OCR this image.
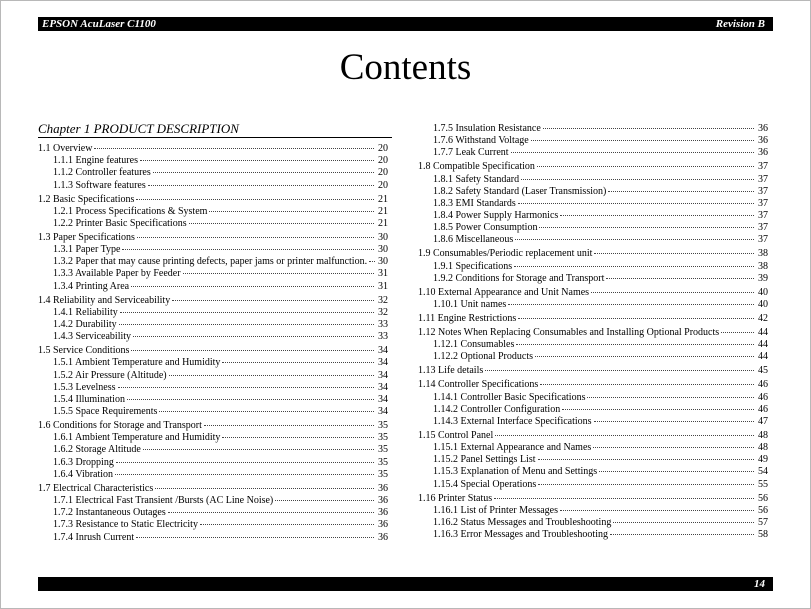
EPSON AcuLaser C1100	Revision B
Contents
Chapter 1 PRODUCT DESCRIPTION
1.1 Overview	20
1.1.1 Engine features	20
1.1.2 Controller features	20
1.1.3 Software features	20
1.2 Basic Specifications	21
1.2.1 Process Specifications & System	21
1.2.2 Printer Basic Specifications	21
1.3 Paper Specifications	30
1.3.1 Paper Type	30
1.3.2 Paper that may cause printing defects, paper jams or printer malfunction. 30
1.3.3 Available Paper by Feeder	31
1.3.4 Printing Area	31
1.4 Reliability and Serviceability	32
1.4.1 Reliability	32
1.4.2 Durability	33
1.4.3 Serviceability	33
1.5 Service Conditions	34
1.5.1 Ambient Temperature and Humidity	34
1.5.2 Air Pressure (Altitude)	34
1.5.3 Levelness	34
1.5.4 Illumination	34
1.5.5 Space Requirements	34
1.6 Conditions for Storage and Transport	35
1.6.1 Ambient Temperature and Humidity	35
1.6.2 Storage Altitude	35
1.6.3 Dropping	35
1.6.4 Vibration	35
1.7 Electrical Characteristics	36
1.7.1 Electrical Fast Transient /Bursts (AC Line Noise)	36
1.7.2 Instantaneous Outages	36
1.7.3 Resistance to Static Electricity	36
1.7.4 Inrush Current	36
1.7.5 Insulation Resistance	36
1.7.6 Withstand Voltage	36
1.7.7 Leak Current	36
1.8 Compatible Specification	37
1.8.1 Safety Standard	37
1.8.2 Safety Standard (Laser Transmission)	37
1.8.3 EMI Standards	37
1.8.4 Power Supply Harmonics	37
1.8.5 Power Consumption	37
1.8.6 Miscellaneous	37
1.9 Consumables/Periodic replacement unit	38
1.9.1 Specifications	38
1.9.2 Conditions for Storage and Transport	39
1.10 External Appearance and Unit Names	40
1.10.1 Unit names	40
1.11 Engine Restrictions	42
1.12 Notes When Replacing Consumables and Installing Optional Products	44
1.12.1 Consumables	44
1.12.2 Optional Products	44
1.13 Life details	45
1.14 Controller Specifications	46
1.14.1 Controller Basic Specifications	46
1.14.2 Controller Configuration	46
1.14.3 External Interface Specifications	47
1.15 Control Panel	48
1.15.1 External Appearance and Names	48
1.15.2 Panel Settings List	49
1.15.3 Explanation of Menu and Settings	54
1.15.4 Special Operations	55
1.16 Printer Status	56
1.16.1 List of Printer Messages	56
1.16.2 Status Messages and Troubleshooting	57
1.16.3 Error Messages and Troubleshooting	58
14
